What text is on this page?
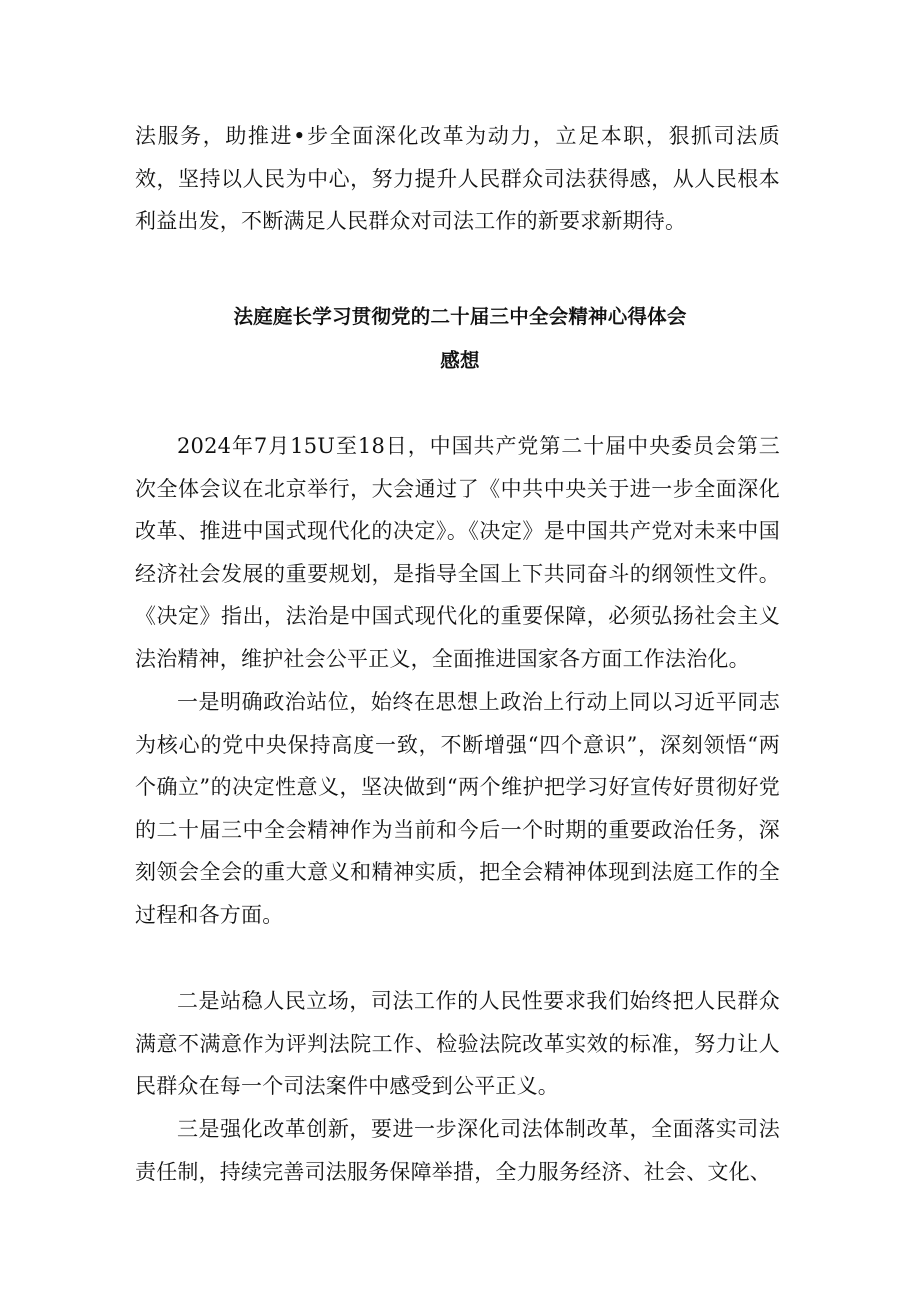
法服务，助推进•步全面深化改革为动力，立足本职，狠抓司法质效，坚持以人民为中心，努力提升人民群众司法获得感，从人民根本利益出发，不断满足人民群众对司法工作的新要求新期待。

法庭庭长学习贯彻党的二十届三中全会精神心得体会
感想

2024年7月15U至18日，中国共产党第二十届中央委员会第三次全体会议在北京举行，大会通过了《中共中央关于进一步全面深化改革、推进中国式现代化的决定》。《决定》是中国共产党对未来中国经济社会发展的重要规划，是指导全国上下共同奋斗的纲领性文件。《决定》指出，法治是中国式现代化的重要保障，必须弘扬社会主义法治精神，维护社会公平正义，全面推进国家各方面工作法治化。

一是明确政治站位，始终在思想上政治上行动上同以习近平同志为核心的党中央保持高度一致，不断增强“四个意识”，深刻领悟“两个确立”的决定性意义，坚决做到“两个维护把学习好宣传好贯彻好党的二十届三中全会精神作为当前和今后一个时期的重要政治任务，深刻领会全会的重大意义和精神实质，把全会精神体现到法庭工作的全过程和各方面。

二是站稳人民立场，司法工作的人民性要求我们始终把人民群众满意不满意作为评判法院工作、检验法院改革实效的标准，努力让人民群众在每一个司法案件中感受到公平正义。

三是强化改革创新，要进一步深化司法体制改革，全面落实司法责任制，持续完善司法服务保障举措，全力服务经济、社会、文化、
